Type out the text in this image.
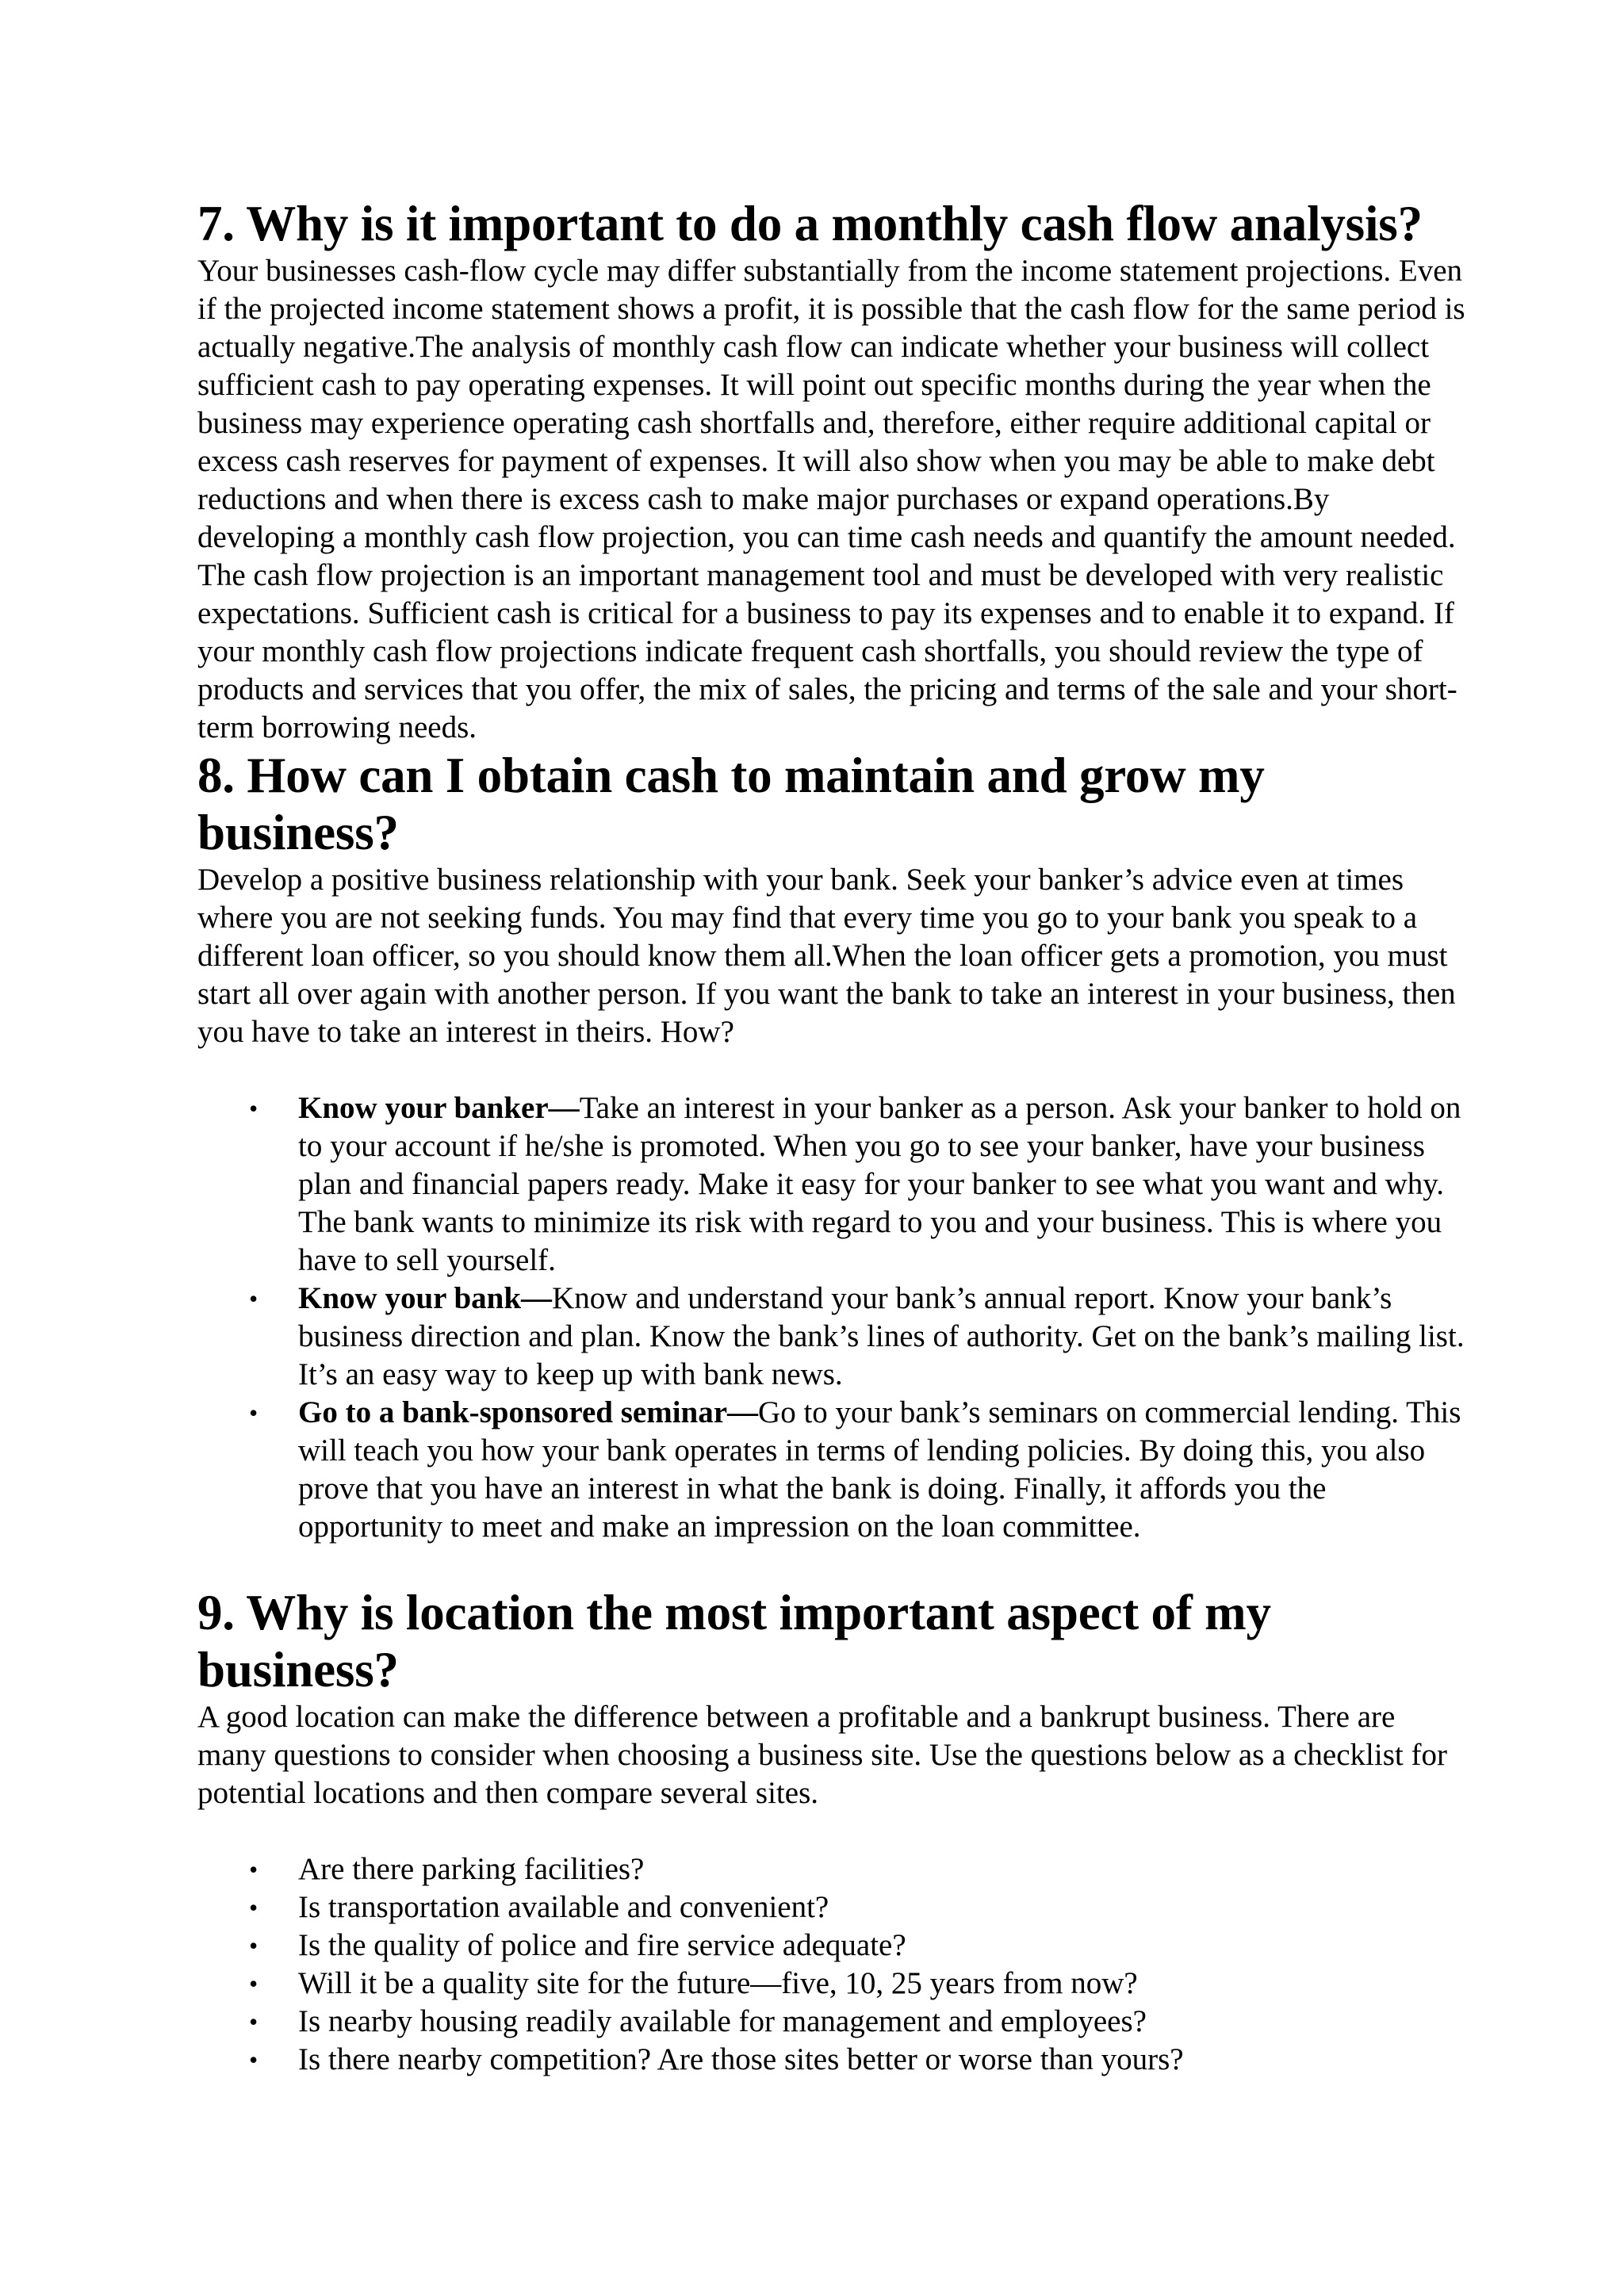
7. Why is it important to do a monthly cash flow analysis?

Your businesses cash-flow cycle may differ substantially from the income statement projections. Even if the projected income statement shows a profit, it is possible that the cash flow for the same period is actually negative.The analysis of monthly cash flow can indicate whether your business will collect sufficient cash to pay operating expenses. It will point out specific months during the year when the business may experience operating cash shortfalls and, therefore, either require additional capital or excess cash reserves for payment of expenses. It will also show when you may be able to make debt reductions and when there is excess cash to make major purchases or expand operations.By developing a monthly cash flow projection, you can time cash needs and quantify the amount needed. The cash flow projection is an important management tool and must be developed with very realistic expectations. Sufficient cash is critical for a business to pay its expenses and to enable it to expand. If your monthly cash flow projections indicate frequent cash shortfalls, you should review the type of products and services that you offer, the mix of sales, the pricing and terms of the sale and your short-term borrowing needs.

8. How can I obtain cash to maintain and grow my business?

Develop a positive business relationship with your bank. Seek your banker’s advice even at times where you are not seeking funds. You may find that every time you go to your bank you speak to a different loan officer, so you should know them all.When the loan officer gets a promotion, you must start all over again with another person. If you want the bank to take an interest in your business, then you have to take an interest in theirs. How?

• Know your banker—Take an interest in your banker as a person. Ask your banker to hold on to your account if he/she is promoted. When you go to see your banker, have your business plan and financial papers ready. Make it easy for your banker to see what you want and why. The bank wants to minimize its risk with regard to you and your business. This is where you have to sell yourself.
• Know your bank—Know and understand your bank’s annual report. Know your bank’s business direction and plan. Know the bank’s lines of authority. Get on the bank’s mailing list. It’s an easy way to keep up with bank news.
• Go to a bank-sponsored seminar—Go to your bank’s seminars on commercial lending. This will teach you how your bank operates in terms of lending policies. By doing this, you also prove that you have an interest in what the bank is doing. Finally, it affords you the opportunity to meet and make an impression on the loan committee.
9. Why is location the most important aspect of my business?

A good location can make the difference between a profitable and a bankrupt business. There are many questions to consider when choosing a business site. Use the questions below as a checklist for potential locations and then compare several sites.

• Are there parking facilities?
• Is transportation available and convenient?
• Is the quality of police and fire service adequate?
• Will it be a quality site for the future—five, 10, 25 years from now?
• Is nearby housing readily available for management and employees?
• Is there nearby competition? Are those sites better or worse than yours?
